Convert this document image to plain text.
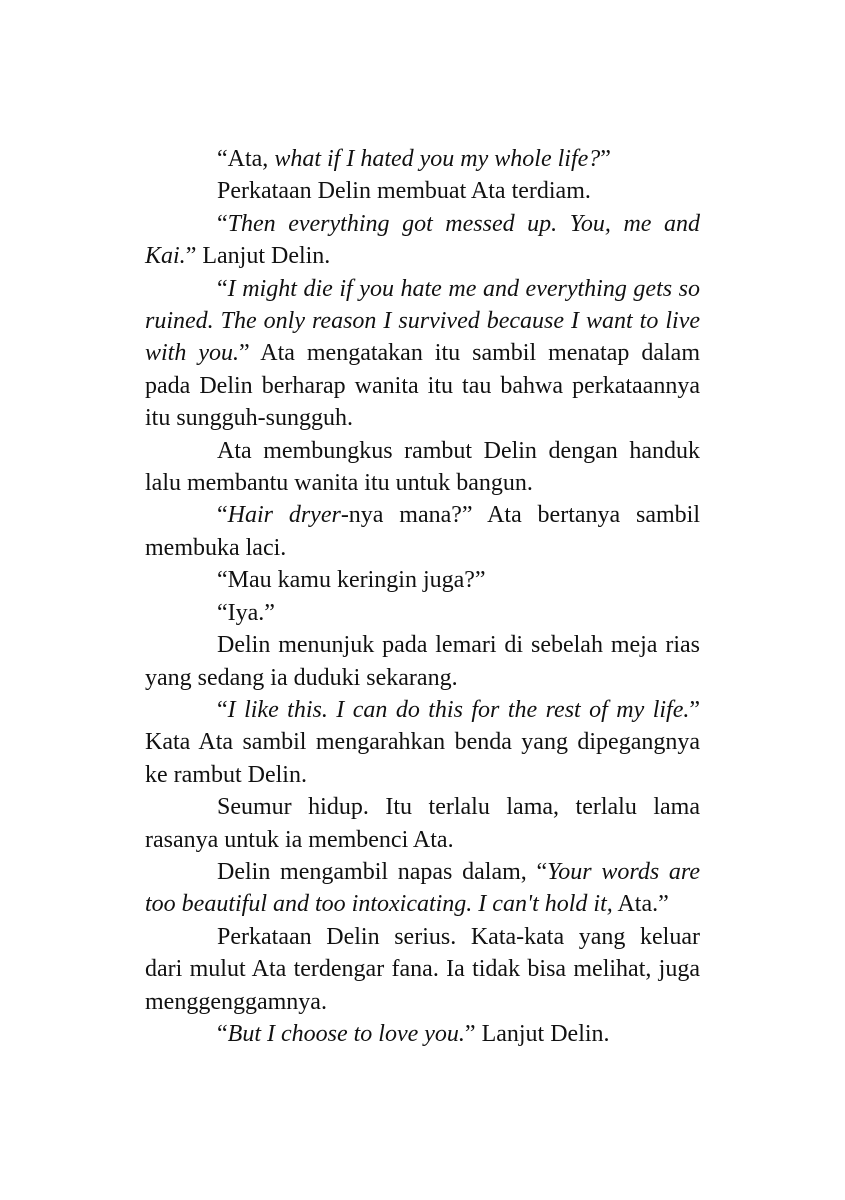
“Ata, what if I hated you my whole life?”

Perkataan Delin membuat Ata terdiam.

“Then everything got messed up. You, me and Kai.” Lanjut Delin.

“I might die if you hate me and everything gets so ruined. The only reason I survived because I want to live with you.” Ata mengatakan itu sambil menatap dalam pada Delin berharap wanita itu tau bahwa perkataannya itu sungguh-sungguh.

Ata membungkus rambut Delin dengan handuk lalu membantu wanita itu untuk bangun.

“Hair dryer-nya mana?” Ata bertanya sambil membuka laci.

“Mau kamu keringin juga?”

“Iya.”

Delin menunjuk pada lemari di sebelah meja rias yang sedang ia duduki sekarang.

“I like this. I can do this for the rest of my life.” Kata Ata sambil mengarahkan benda yang dipegangnya ke rambut Delin.

Seumur hidup. Itu terlalu lama, terlalu lama rasanya untuk ia membenci Ata.

Delin mengambil napas dalam, “Your words are too beautiful and too intoxicating. I can't hold it, Ata.”

Perkataan Delin serius. Kata-kata yang keluar dari mulut Ata terdengar fana. Ia tidak bisa melihat, juga menggenggamnya.

“But I choose to love you.” Lanjut Delin.
